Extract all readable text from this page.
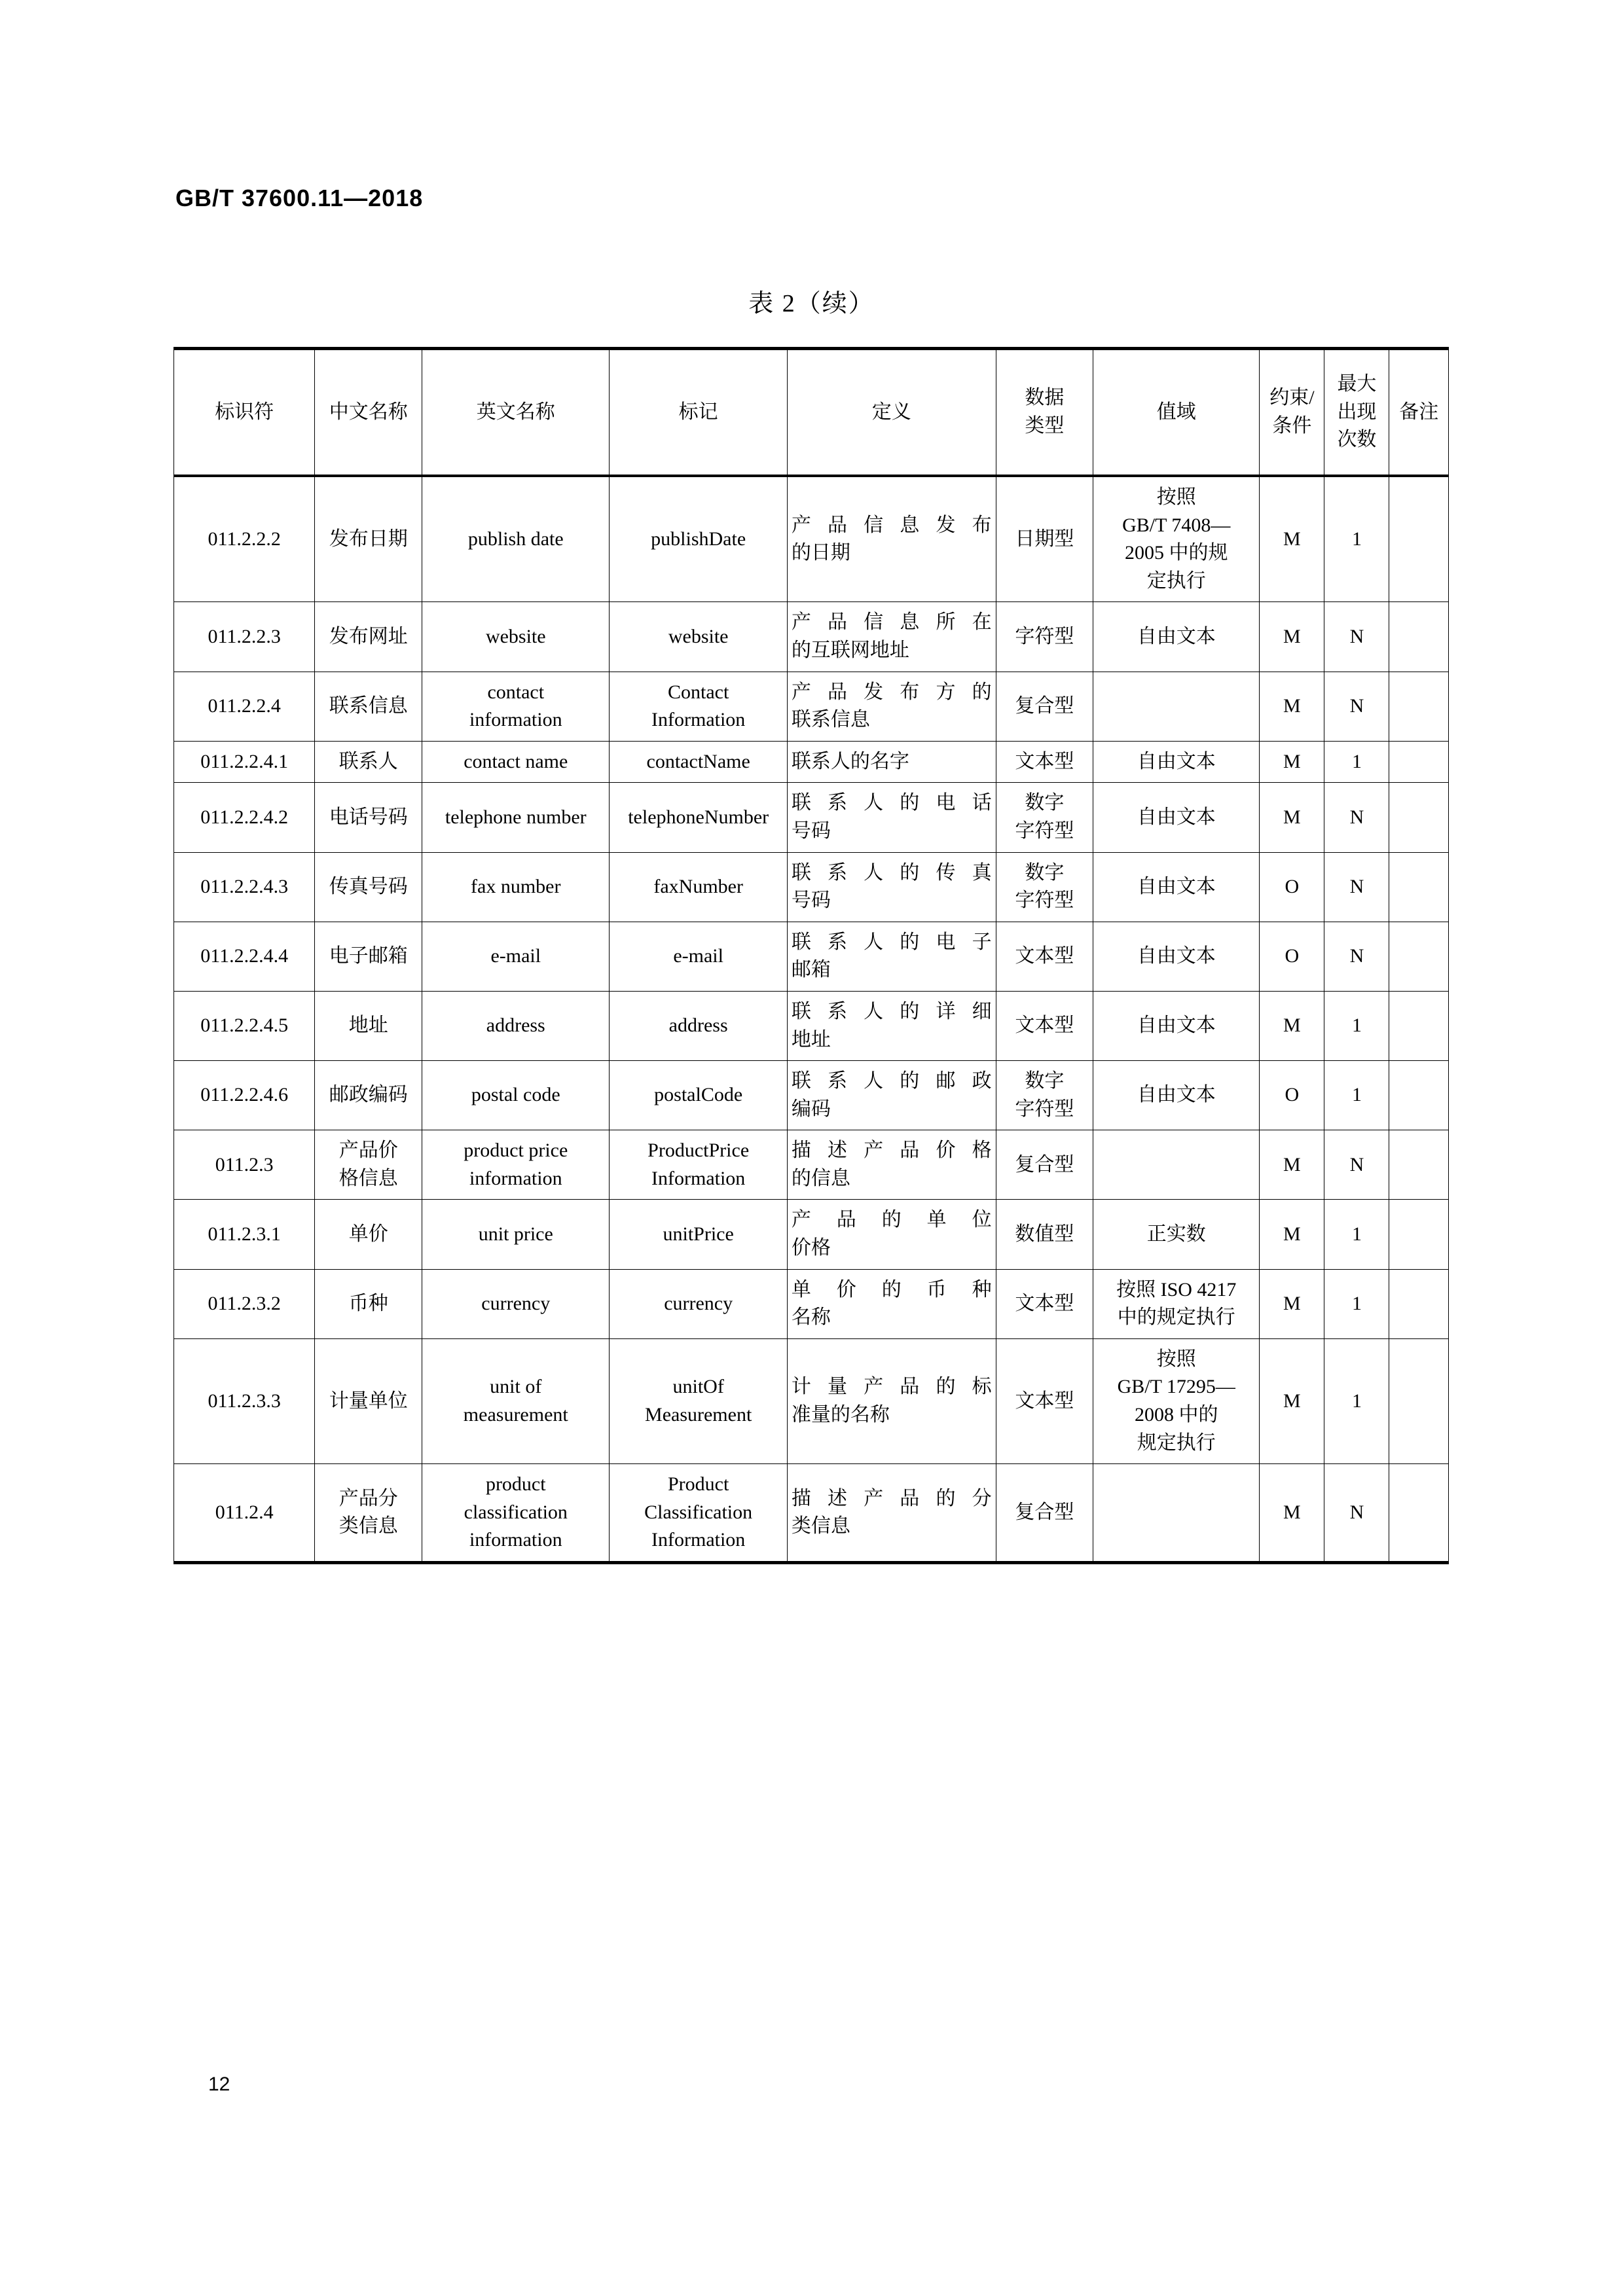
GB/T 37600.11—2018
表 2（续）
标识符	中文名称	英文名称	标记	定义	数据
类型	值域	约束/
条件	最大
出现
次数	备注
011.2.2.2	发布日期	publish date	publishDate	产品信息发布
的日期	日期型	按照
GB/T 7408—
2005 中的规
定执行	M	1	
011.2.2.3	发布网址	website	website	产品信息所在
的互联网地址	字符型	自由文本	M	N	
011.2.2.4	联系信息	contact
information	Contact
Information	产品发布方的
联系信息	复合型		M	N	
011.2.2.4.1	联系人	contact name	contactName	联系人的名字	文本型	自由文本	M	1	
011.2.2.4.2	电话号码	telephone number	telephoneNumber	联系人的电话
号码	数字
字符型	自由文本	M	N	
011.2.2.4.3	传真号码	fax number	faxNumber	联系人的传真
号码	数字
字符型	自由文本	O	N	
011.2.2.4.4	电子邮箱	e-mail	e-mail	联系人的电子
邮箱	文本型	自由文本	O	N	
011.2.2.4.5	地址	address	address	联系人的详细
地址	文本型	自由文本	M	1	
011.2.2.4.6	邮政编码	postal code	postalCode	联系人的邮政
编码	数字
字符型	自由文本	O	1	
011.2.3	产品价
格信息	product price
information	ProductPrice
Information	描述产品价格
的信息	复合型		M	N	
011.2.3.1	单价	unit price	unitPrice	产品的单位
价格	数值型	正实数	M	1	
011.2.3.2	币种	currency	currency	单价的币种
名称	文本型	按照 ISO 4217
中的规定执行	M	1	
011.2.3.3	计量单位	unit of
measurement	unitOf
Measurement	计量产品的标
准量的名称	文本型	按照
GB/T 17295—
2008 中的
规定执行	M	1	
011.2.4	产品分
类信息	product
classification
information	Product
Classification
Information	描述产品的分
类信息	复合型		M	N	
12
